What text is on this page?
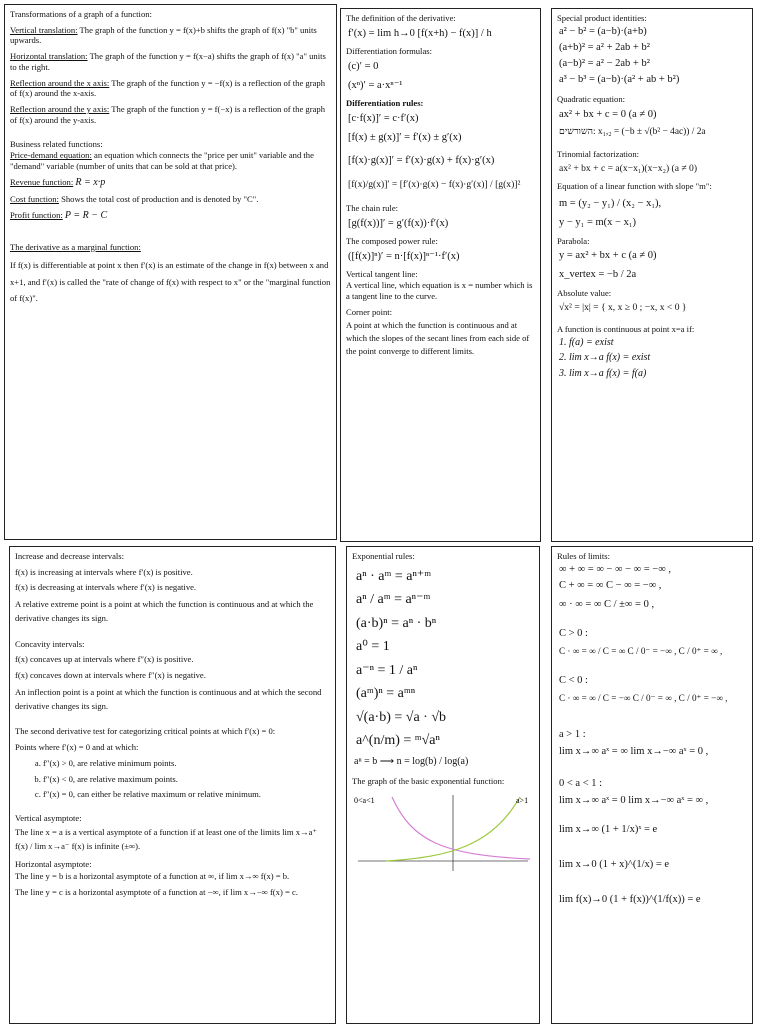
Transformations of a graph of a function:

Vertical translation: The graph of the function y = f(x)+b shifts the graph of f(x) "b" units upwards.

Horizontal translation: The graph of the function y = f(x−a) shifts the graph of f(x) "a" units to the right.

Reflection around the x axis: The graph of the function y = −f(x) is a reflection of the graph of f(x) around the x-axis.

Reflection around the y axis: The graph of the function y = f(−x) is a reflection of the graph of f(x) around the y-axis.

Business related functions:

Price-demand equation: an equation which connects the "price per unit" variable and the "demand" variable (number of units that can be sold at that price).

Revenue function: R = x·p

Cost function: Shows the total cost of production and is denoted by "C".

Profit function: P = R − C

The derivative as a marginal function:

If f(x) is differentiable at point x then f′(x) is an estimate of the change in f(x) between x and x+1, and f′(x) is called the "rate of change of f(x) with respect to x" or the "marginal function of f(x)".

The definition of the derivative:

f′(x) = lim h→0 [f(x+h) − f(x)] / h

Differentiation formulas:

(c)′ = 0
(xⁿ)′ = a·xⁿ⁻¹

Differentiation rules:

[c·f(x)]′ = c·f′(x)
[f(x) ± g(x)]′ = f′(x) ± g′(x)
[f(x)·g(x)]′ = f′(x)·g(x) + f(x)·g′(x)
[f(x)/g(x)]′ = [f′(x)·g(x) − f(x)·g′(x)] / [g(x)]²

The chain rule:

[g(f(x))]′ = g′(f(x))·f′(x)

The composed power rule:

([f(x)]ⁿ)′ = n·[f(x)]ⁿ⁻¹·f′(x)

Vertical tangent line:

A vertical line, which equation is x = number which is a tangent line to the curve.

Corner point:

A point at which the function is continuous and at which the slopes of the secant lines from each side of the point converge to different limits.

Special product identities:

a² − b² = (a−b)·(a+b)
(a+b)² = a² + 2ab + b²
(a−b)² = a² − 2ab + b²
a³ − b³ = (a−b)·(a² + ab + b²)

Quadratic equation:

ax² + bx + c = 0 (a ≠ 0)
השורשים: x₁,₂ = (−b ± √(b² − 4ac)) / 2a

Trinomial factorization:

ax² + bx + c = a(x−x₁)(x−x₂) (a ≠ 0)

Equation of a linear function with slope "m":

m = (y₂ − y₁) / (x₂ − x₁),
y − y₁ = m(x − x₁)

Parabola:

y = ax² + bx + c (a ≠ 0)
x_vertex = −b / 2a

Absolute value:

√x² = |x| = { x, x ≥ 0 ; −x, x < 0 }

A function is continuous at point x=a if:

1. f(a) = exist
2. lim x→a f(x) = exist
3. lim x→a f(x) = f(a)

Increase and decrease intervals:

f(x) is increasing at intervals where f′(x) is positive.

f(x) is decreasing at intervals where f′(x) is negative.

A relative extreme point is a point at which the function is continuous and at which the derivative changes its sign.

Concavity intervals:

f(x) concaves up at intervals where f″(x) is positive.

f(x) concaves down at intervals where f″(x) is negative.

An inflection point is a point at which the function is continuous and at which the second derivative changes its sign.

The second derivative test for categorizing critical points at which f′(x) = 0:

Points where f′(x) = 0 and at which:

a. f″(x) > 0, are relative minimum points.
b. f″(x) < 0, are relative maximum points.
c. f″(x) = 0, can either be relative maximum or relative minimum.

Vertical asymptote:

The line x = a is a vertical asymptote of a function if at least one of the limits lim x→a⁺ f(x) / lim x→a⁻ f(x) is infinite (±∞).

Horizontal asymptote:

The line y = b is a horizontal asymptote of a function at ∞, if lim x→∞ f(x) = b.

The line y = c is a horizontal asymptote of a function at −∞, if lim x→−∞ f(x) = c.

Exponential rules:

aⁿ · aᵐ = aⁿ⁺ᵐ
aⁿ / aᵐ = aⁿ⁻ᵐ
(a·b)ⁿ = aⁿ · bⁿ
a⁰ = 1
a⁻ⁿ = 1 / aⁿ
(aᵐ)ⁿ = aᵐⁿ
√(a·b) = √a · √b
a^(n/m) = ᵐ√aⁿ
aⁿ = b ⟶ n = log(b) / log(a)

The graph of the basic exponential function:

0<a<1	a>1

Rules of limits:

∞ + ∞ = ∞ − ∞ − ∞ = −∞ ,
C + ∞ = ∞ C − ∞ = −∞ ,
∞ · ∞ = ∞ C / ±∞ = 0 ,
C > 0 :
C · ∞ = ∞ / C = ∞ C / 0⁻ = −∞ , C / 0⁺ = ∞ ,
C < 0 :
C · ∞ = ∞ / C = −∞ C / 0⁻ = ∞ , C / 0⁺ = −∞ ,
a > 1 :
lim x→∞ aˣ = ∞ lim x→−∞ aˣ = 0 ,
0 < a < 1 :
lim x→∞ aˣ = 0 lim x→−∞ aˣ = ∞ ,
lim x→∞ (1 + 1/x)ˣ = e
lim x→0 (1 + x)^(1/x) = e
lim f(x)→0 (1 + f(x))^(1/f(x)) = e
